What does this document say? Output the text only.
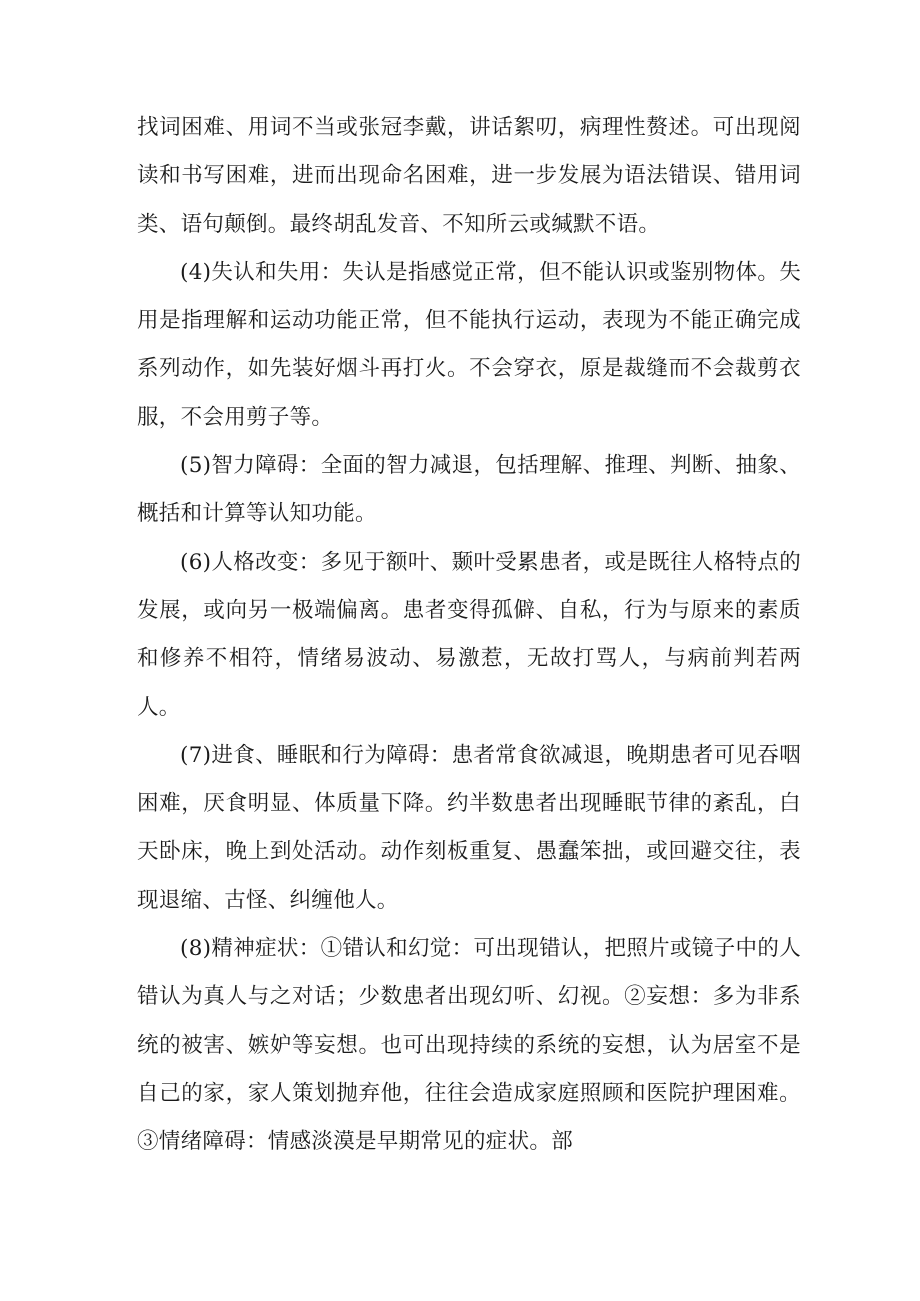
找词困难、用词不当或张冠李戴，讲话絮叨，病理性赘述。可出现阅读和书写困难，进而出现命名困难，进一步发展为语法错误、错用词类、语句颠倒。最终胡乱发音、不知所云或缄默不语。

(4)失认和失用：失认是指感觉正常，但不能认识或鉴别物体。失用是指理解和运动功能正常，但不能执行运动，表现为不能正确完成系列动作，如先装好烟斗再打火。不会穿衣，原是裁缝而不会裁剪衣服，不会用剪子等。

(5)智力障碍：全面的智力减退，包括理解、推理、判断、抽象、概括和计算等认知功能。

(6)人格改变：多见于额叶、颞叶受累患者，或是既往人格特点的发展，或向另一极端偏离。患者变得孤僻、自私，行为与原来的素质和修养不相符，情绪易波动、易激惹，无故打骂人，与病前判若两人。

(7)进食、睡眠和行为障碍：患者常食欲减退，晚期患者可见吞咽困难，厌食明显、体质量下降。约半数患者出现睡眠节律的紊乱，白天卧床，晚上到处活动。动作刻板重复、愚蠢笨拙，或回避交往，表现退缩、古怪、纠缠他人。

(8)精神症状：①错认和幻觉：可出现错认，把照片或镜子中的人错认为真人与之对话；少数患者出现幻听、幻视。②妄想：多为非系统的被害、嫉妒等妄想。也可出现持续的系统的妄想，认为居室不是自己的家，家人策划抛弃他，往往会造成家庭照顾和医院护理困难。③情绪障碍：情感淡漠是早期常见的症状。部
